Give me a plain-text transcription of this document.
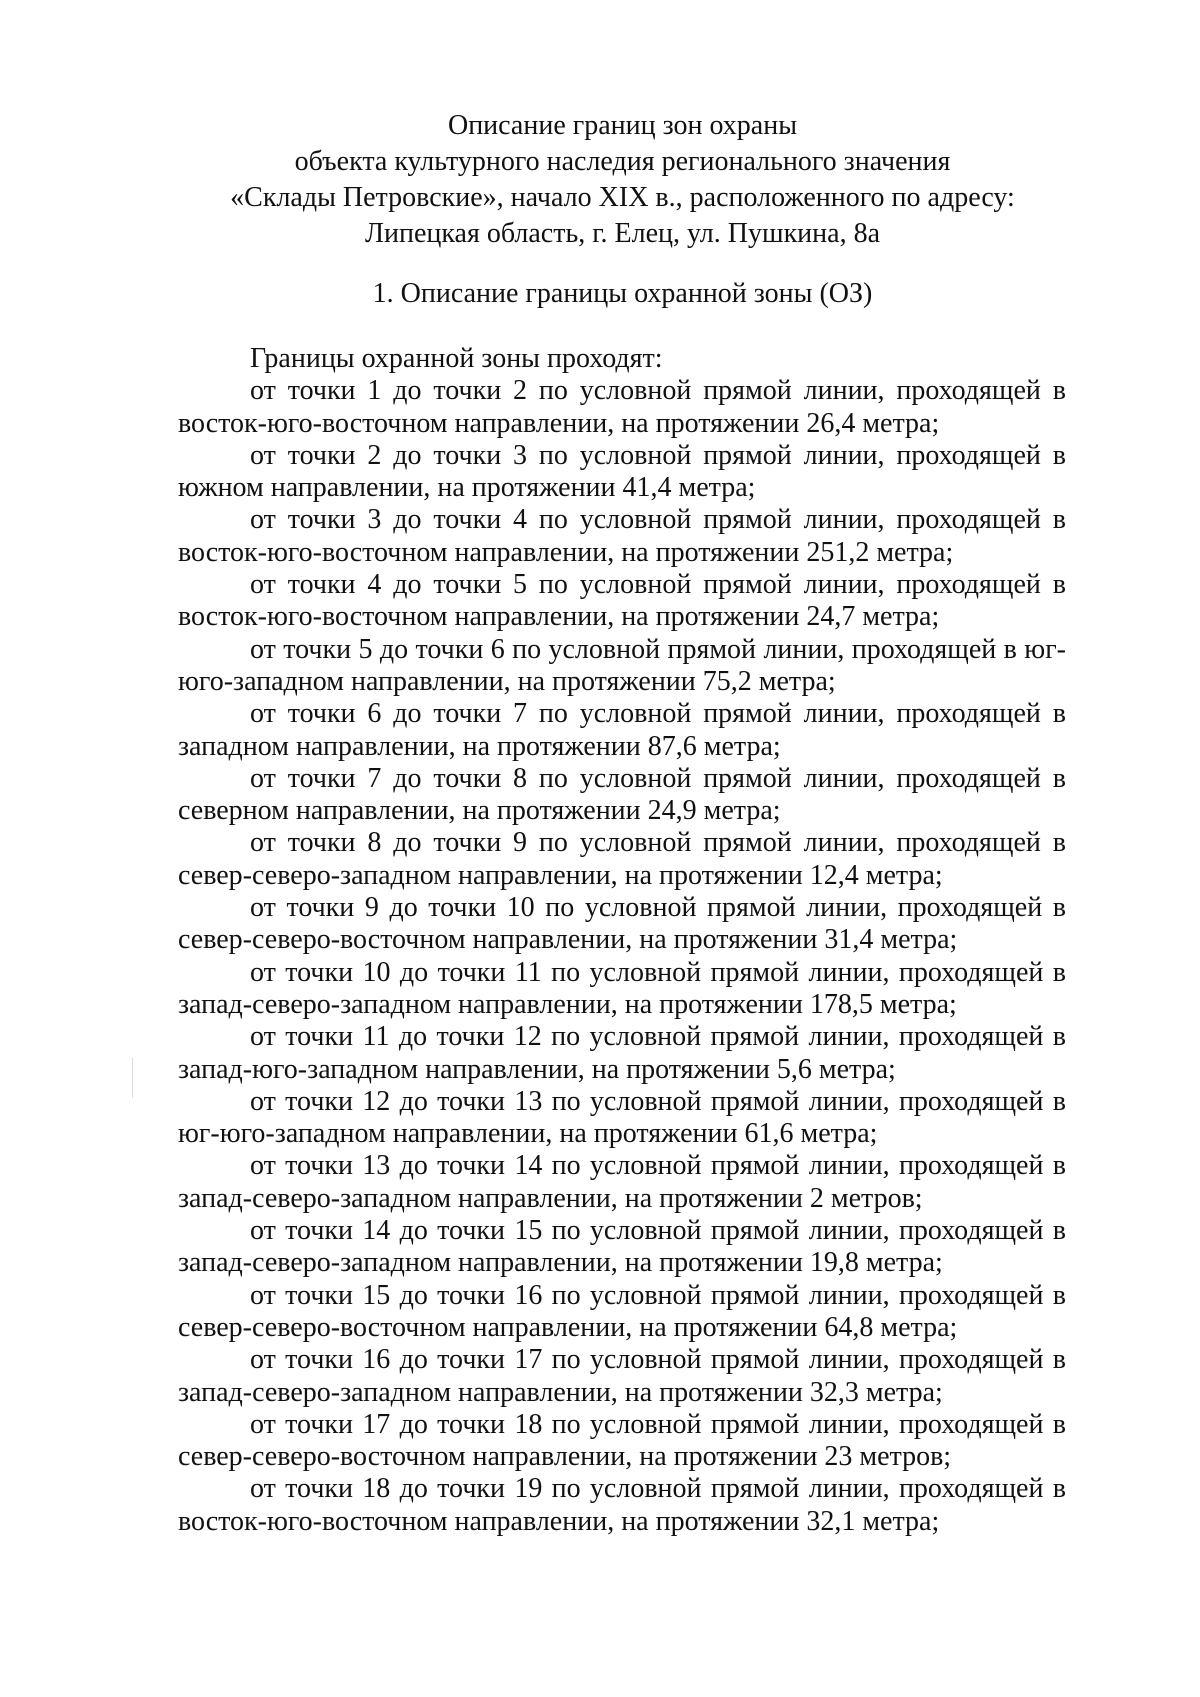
Описание границ зон охраны
объекта культурного наследия регионального значения
«Склады Петровские», начало XIX в., расположенного по адресу:
Липецкая область, г. Елец, ул. Пушкина, 8а
1. Описание границы охранной зоны (ОЗ)

Границы охранной зоны проходят:

от точки 1 до точки 2 по условной прямой линии, проходящей в восток-юго-восточном направлении, на протяжении 26,4 метра;

от точки 2 до точки 3 по условной прямой линии, проходящей в южном направлении, на протяжении 41,4 метра;

от точки 3 до точки 4 по условной прямой линии, проходящей в восток-юго-восточном направлении, на протяжении 251,2 метра;

от точки 4 до точки 5 по условной прямой линии, проходящей в восток-юго-восточном направлении, на протяжении 24,7 метра;

от точки 5 до точки 6 по условной прямой линии, проходящей в юг-юго-западном направлении, на протяжении 75,2 метра;

от точки 6 до точки 7 по условной прямой линии, проходящей в западном направлении, на протяжении 87,6 метра;

от точки 7 до точки 8 по условной прямой линии, проходящей в северном направлении, на протяжении 24,9 метра;

от точки 8 до точки 9 по условной прямой линии, проходящей в север-северо-западном направлении, на протяжении 12,4 метра;

от точки 9 до точки 10 по условной прямой линии, проходящей в север-северо-восточном направлении, на протяжении 31,4 метра;

от точки 10 до точки 11 по условной прямой линии, проходящей в запад-северо-западном направлении, на протяжении 178,5 метра;

от точки 11 до точки 12 по условной прямой линии, проходящей в запад-юго-западном направлении, на протяжении 5,6 метра;

от точки 12 до точки 13 по условной прямой линии, проходящей в юг-юго-западном направлении, на протяжении 61,6 метра;

от точки 13 до точки 14 по условной прямой линии, проходящей в запад-северо-западном направлении, на протяжении 2 метров;

от точки 14 до точки 15 по условной прямой линии, проходящей в запад-северо-западном направлении, на протяжении 19,8 метра;

от точки 15 до точки 16 по условной прямой линии, проходящей в север-северо-восточном направлении, на протяжении 64,8 метра;

от точки 16 до точки 17 по условной прямой линии, проходящей в запад-северо-западном направлении, на протяжении 32,3 метра;

от точки 17 до точки 18 по условной прямой линии, проходящей в север-северо-восточном направлении, на протяжении 23 метров;

от точки 18 до точки 19 по условной прямой линии, проходящей в восток-юго-восточном направлении, на протяжении 32,1 метра;
